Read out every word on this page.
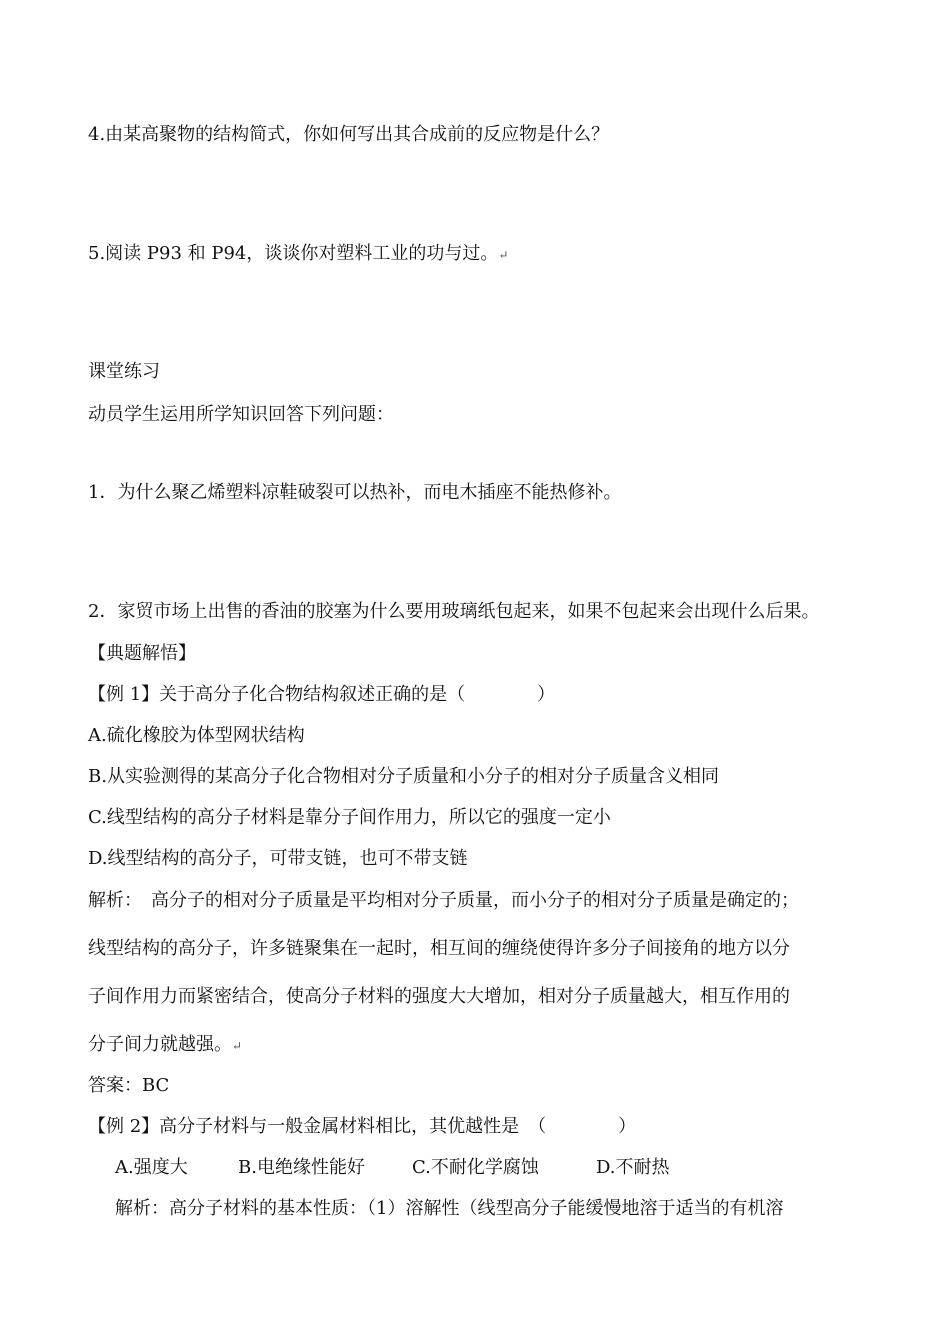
4.由某高聚物的结构简式，你如何写出其合成前的反应物是什么？
5.阅读 P93 和 P94，谈谈你对塑料工业的功与过。↵
课堂练习
动员学生运用所学知识回答下列问题：
1．为什么聚乙烯塑料凉鞋破裂可以热补，而电木插座不能热修补。
2．家贸市场上出售的香油的胶塞为什么要用玻璃纸包起来，如果不包起来会出现什么后果。
【典题解悟】
【例 1】关于高分子化合物结构叙述正确的是（　　　　）
A.硫化橡胶为体型网状结构
B.从实验测得的某高分子化合物相对分子质量和小分子的相对分子质量含义相同
C.线型结构的高分子材料是靠分子间作用力，所以它的强度一定小
D.线型结构的高分子，可带支链，也可不带支链
解析：　高分子的相对分子质量是平均相对分子质量，而小分子的相对分子质量是确定的；
线型结构的高分子，许多链聚集在一起时，相互间的缠绕使得许多分子间接角的地方以分
子间作用力而紧密结合，使高分子材料的强度大大增加，相对分子质量越大，相互作用的
分子间力就越强。↵
答案：BC
【例 2】高分子材料与一般金属材料相比，其优越性是　（　　　　）
A.强度大	B.电绝缘性能好	C.不耐化学腐蚀	D.不耐热
解析：高分子材料的基本性质：（1）溶解性（线型高分子能缓慢地溶于适当的有机溶
